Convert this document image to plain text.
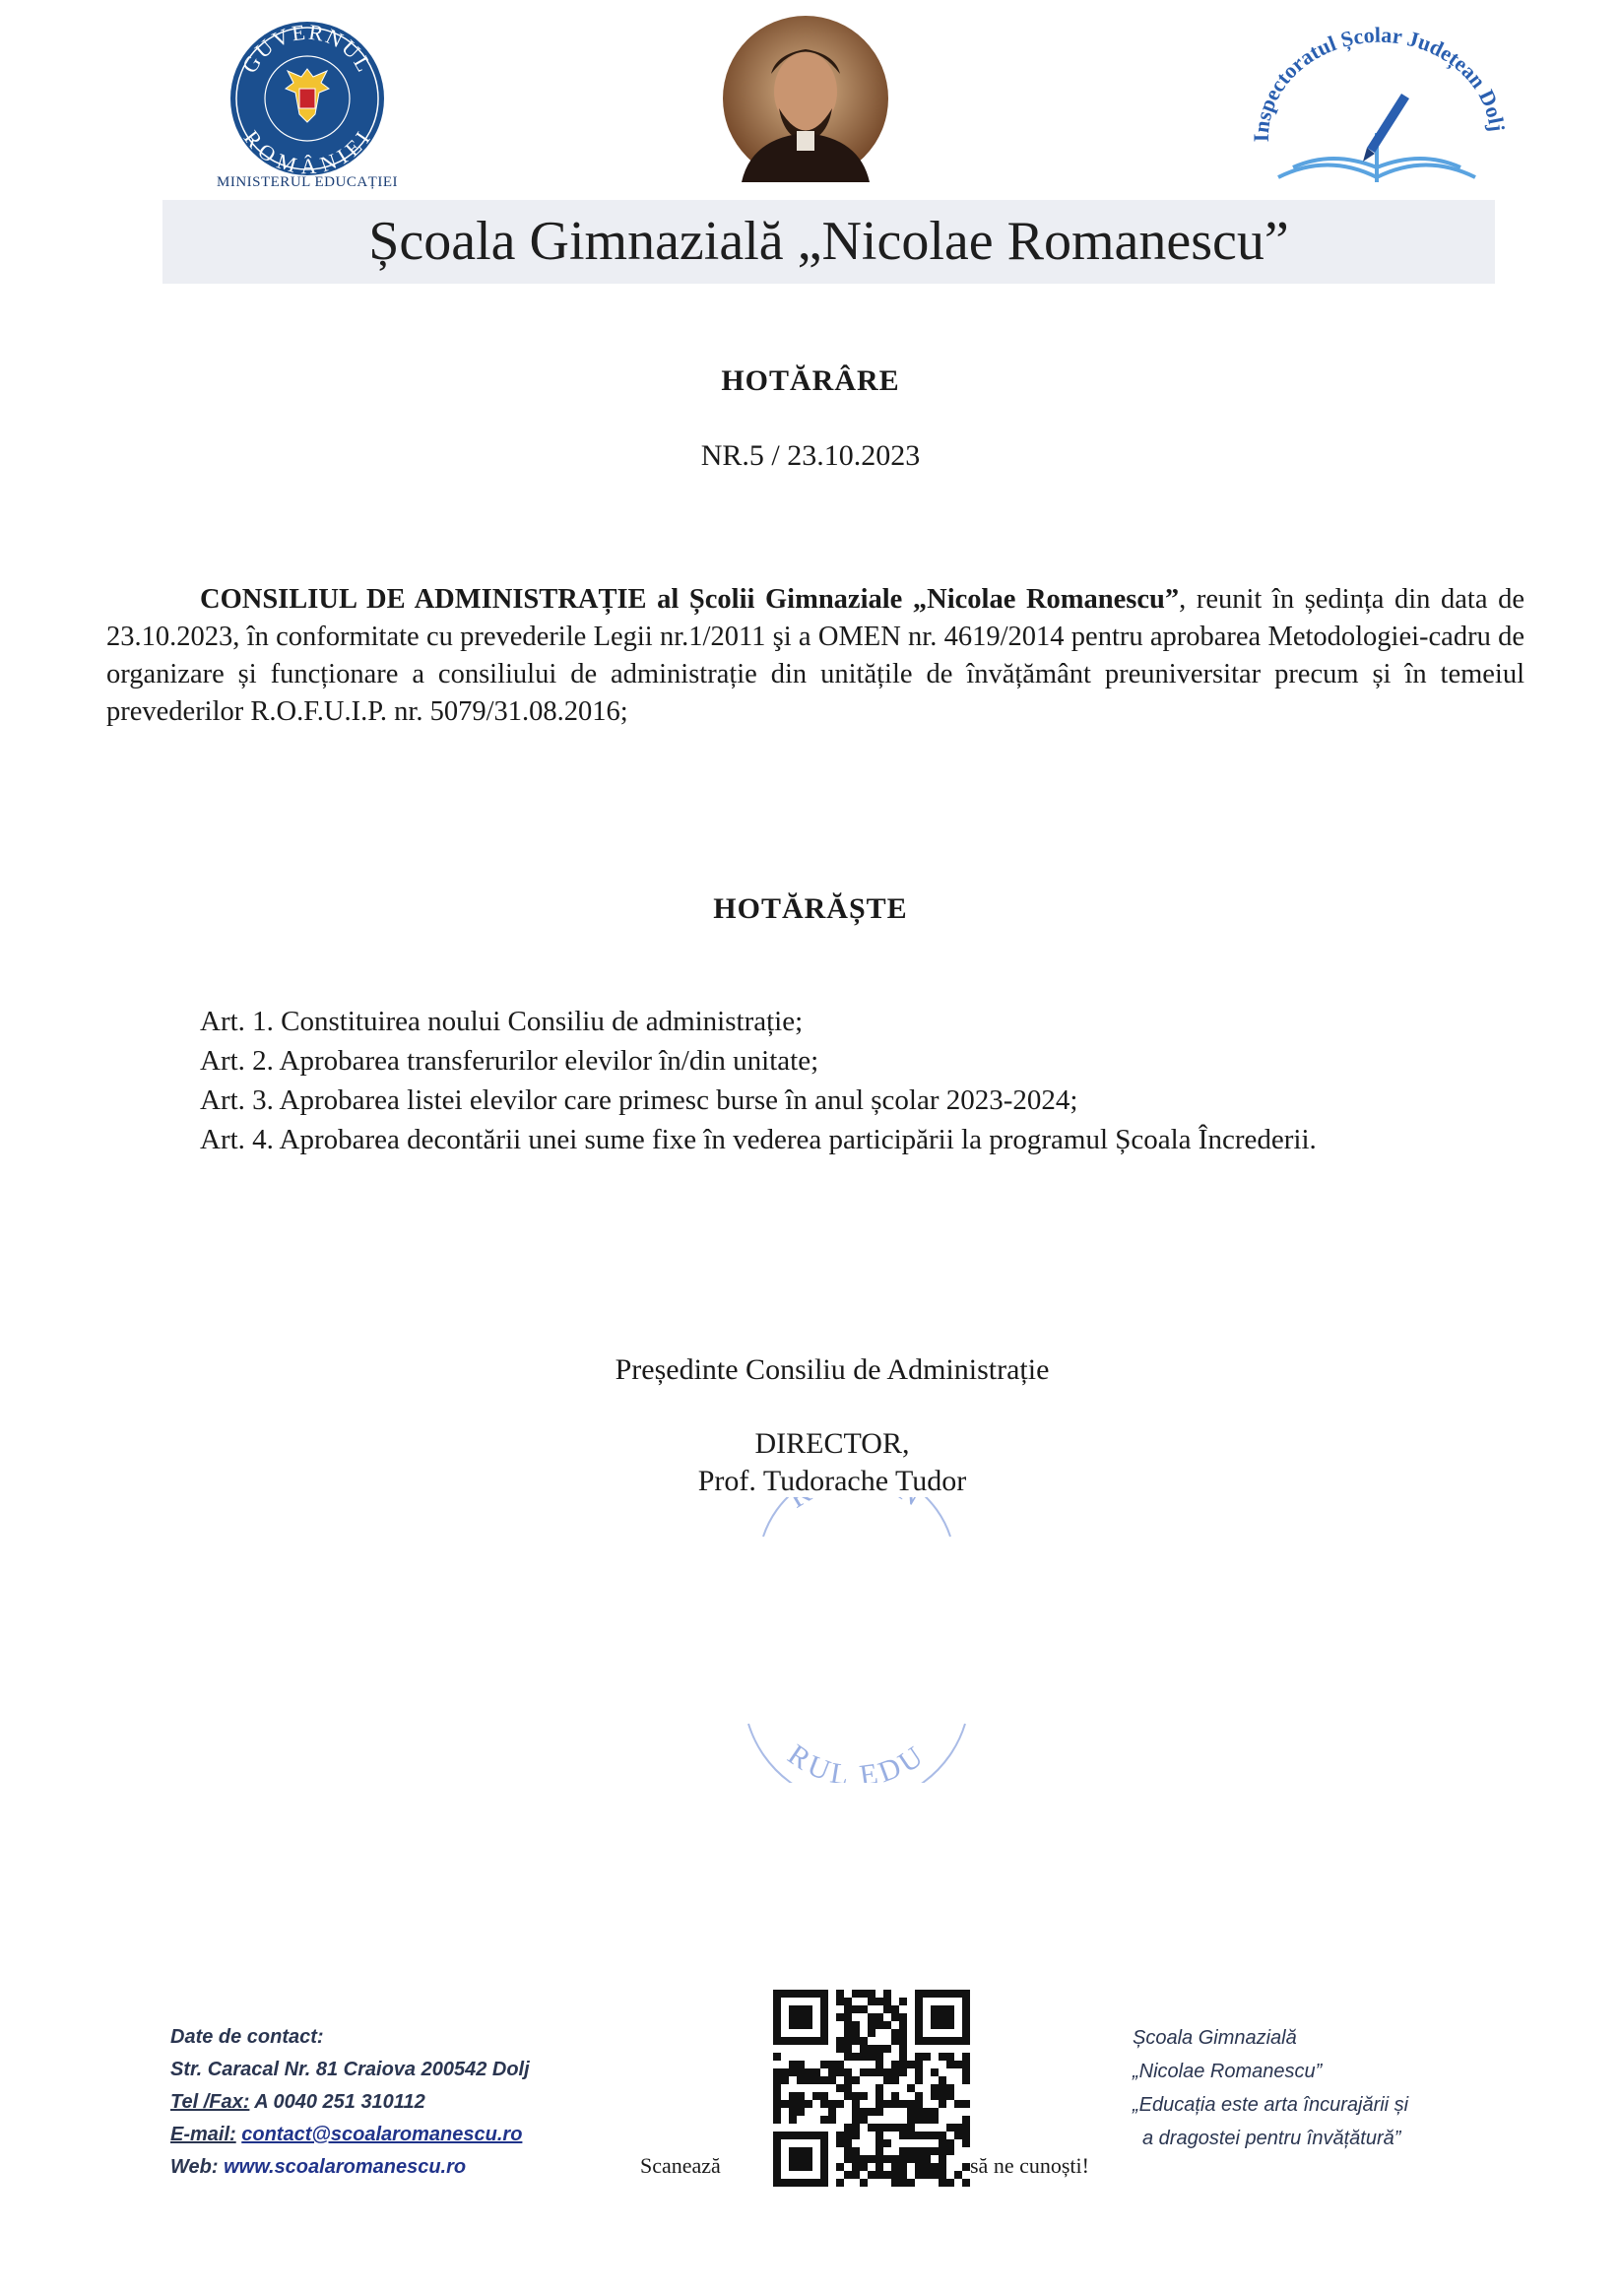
GUVERNUL
ROMÂNIEI
MINISTERUL EDUCAȚIEI
Inspectoratul Școlar Județean Dolj
Școala Gimnazială „Nicolae Romanescu”
HOTĂRÂRE
NR.5 / 23.10.2023
CONSILIUL DE ADMINISTRAȚIE al Școlii Gimnaziale „Nicolae Romanescu”, reunit în ședința din data de 23.10.2023, în conformitate cu prevederile Legii nr.1/2011 şi a OMEN nr. 4619/2014 pentru aprobarea Metodologiei-cadru de organizare și funcționare a consiliului de administrație din unitățile de învățământ preuniversitar precum și în temeiul prevederilor R.O.F.U.I.P. nr. 5079/31.08.2016;
HOTĂRĂȘTE
Art. 1. Constituirea noului Consiliu de administrație;
Art. 2. Aprobarea transferurilor elevilor în/din unitate;
Art. 3. Aprobarea listei elevilor care primesc burse în anul școlar 2023-2024;
Art. 4. Aprobarea decontării unei sume fixe în vederea participării la programul Școala Încrederii.
Președinte Consiliu de Administrație
DIRECTOR,
Prof. Tudorache Tudor
RUL EDU
Date de contact:
Str. Caracal Nr. 81 Craiova 200542 Dolj
Tel /Fax: A 0040 251 310112
E-mail: contact@scoalaromanescu.ro
Web: www.scoalaromanescu.ro	Scanează	să ne cunoști!
Școala Gimnazială
„Nicolae Romanescu”
„Educația este arta încurajării și
a dragostei pentru învățătură”
